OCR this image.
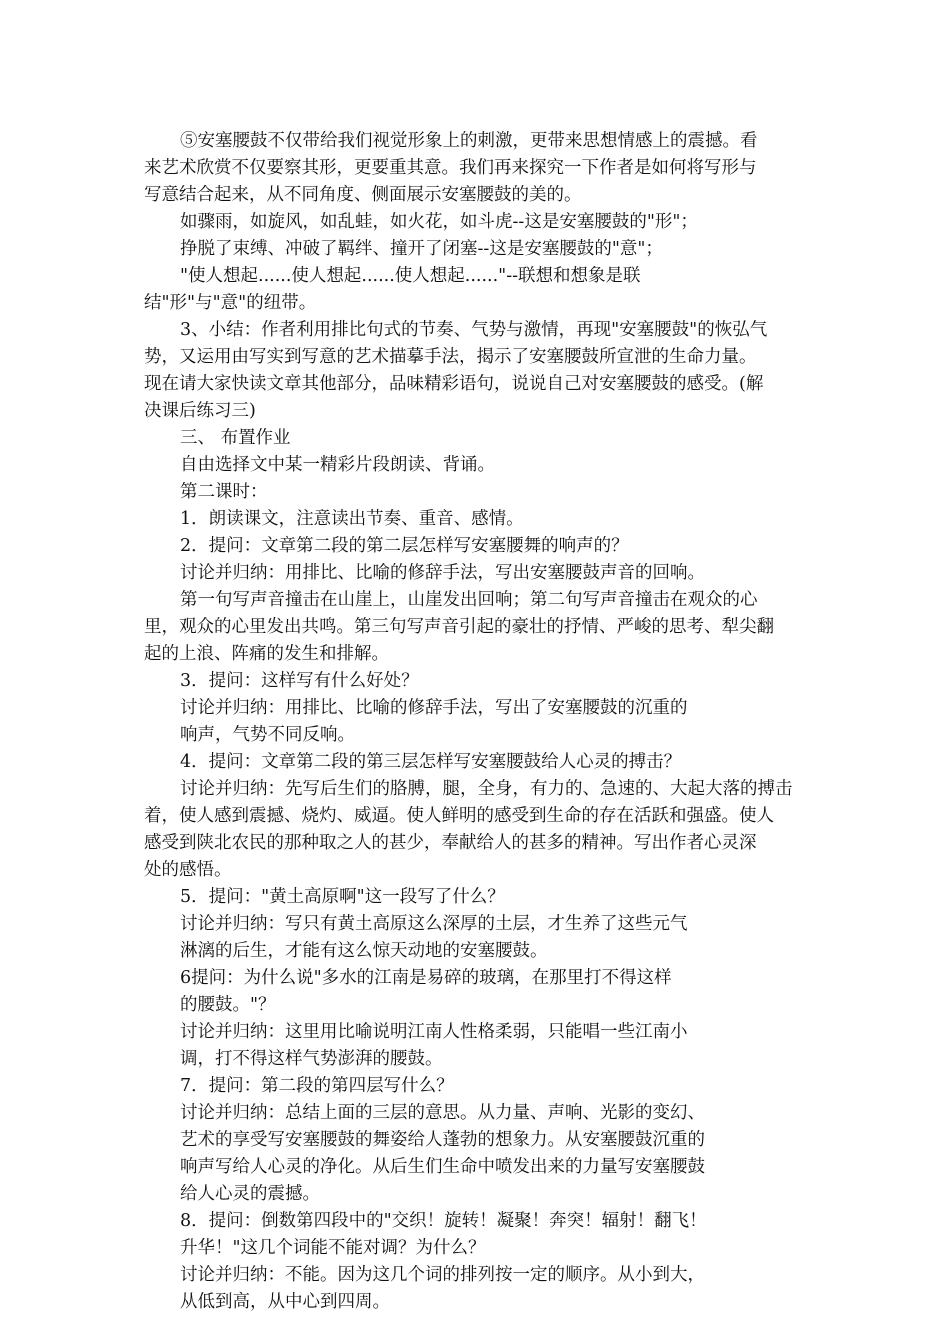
⑤安塞腰鼓不仅带给我们视觉形象上的刺激，更带来思想情感上的震撼。看
来艺术欣赏不仅要察其形，更要重其意。我们再来探究一下作者是如何将写形与
写意结合起来，从不同角度、侧面展示安塞腰鼓的美的。
如骤雨，如旋风，如乱蛙，如火花，如斗虎--这是安塞腰鼓的"形"；
挣脱了束缚、冲破了羁绊、撞开了闭塞--这是安塞腰鼓的"意"；
"使人想起......使人想起......使人想起......"--联想和想象是联
结"形"与"意"的纽带。
3、小结：作者利用排比句式的节奏、气势与激情，再现"安塞腰鼓"的恢弘气
势，又运用由写实到写意的艺术描摹手法，揭示了安塞腰鼓所宣泄的生命力量。
现在请大家快读文章其他部分，品味精彩语句，说说自己对安塞腰鼓的感受。(解
决课后练习三)
三、 布置作业
自由选择文中某一精彩片段朗读、背诵。
第二课时：
1．朗读课文，注意读出节奏、重音、感情。
2．提问：文章第二段的第二层怎样写安塞腰舞的响声的？
讨论并归纳：用排比、比喻的修辞手法，写出安塞腰鼓声音的回响。
第一句写声音撞击在山崖上，山崖发出回响；第二句写声音撞击在观众的心
里，观众的心里发出共鸣。第三句写声音引起的豪壮的抒情、严峻的思考、犁尖翻
起的上浪、阵痛的发生和排解。
3．提问：这样写有什么好处？
讨论并归纳：用排比、比喻的修辞手法，写出了安塞腰鼓的沉重的
响声，气势不同反响。
4．提问：文章第二段的第三层怎样写安塞腰鼓给人心灵的搏击？
讨论并归纳：先写后生们的胳膊，腿，全身，有力的、急速的、大起大落的搏击
着，使人感到震撼、烧灼、威逼。使人鲜明的感受到生命的存在活跃和强盛。使人
感受到陕北农民的那种取之人的甚少，奉献给人的甚多的精神。写出作者心灵深
处的感悟。
5．提问："黄土高原啊"这一段写了什么？
讨论并归纳：写只有黄土高原这么深厚的土层，才生养了这些元气
淋漓的后生，才能有这么惊天动地的安塞腰鼓。
6提问：为什么说"多水的江南是易碎的玻璃，在那里打不得这样
的腰鼓。"？
讨论并归纳：这里用比喻说明江南人性格柔弱，只能唱一些江南小
调，打不得这样气势澎湃的腰鼓。
7．提问：第二段的第四层写什么？
讨论并归纳：总结上面的三层的意思。从力量、声响、光影的变幻、
艺术的享受写安塞腰鼓的舞姿给人蓬勃的想象力。从安塞腰鼓沉重的
响声写给人心灵的净化。从后生们生命中喷发出来的力量写安塞腰鼓
给人心灵的震撼。
8．提问：倒数第四段中的"交织！旋转！凝聚！奔突！辐射！翻飞！
升华！"这几个词能不能对调？为什么？
讨论并归纳：不能。因为这几个词的排列按一定的顺序。从小到大，
从低到高，从中心到四周。
